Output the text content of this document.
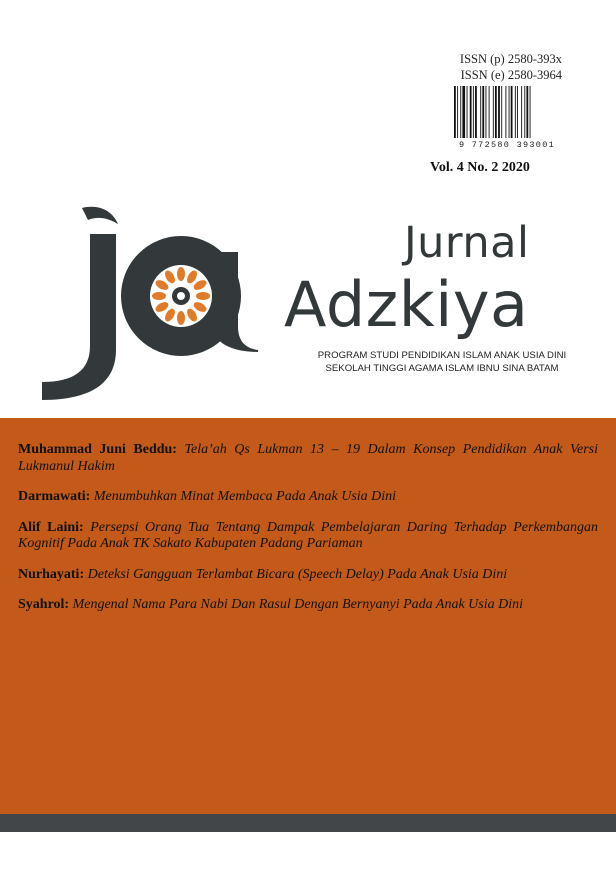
ISSN (p) 2580-393x
ISSN (e) 2580-3964
9 772580 393001
Vol. 4 No. 2 2020
Jurnal
Adzkiya
PROGRAM STUDI PENDIDIKAN ISLAM ANAK USIA DINI
SEKOLAH TINGGI AGAMA ISLAM IBNU SINA BATAM
Muhammad Juni Beddu: Tela’ah Qs Lukman 13 – 19 Dalam Konsep Pendidikan Anak Versi Lukmanul Hakim
Darmawati: Menumbuhkan Minat Membaca Pada Anak Usia Dini
Alif Laini: Persepsi Orang Tua Tentang Dampak Pembelajaran Daring Terhadap Perkembangan Kognitif Pada Anak TK Sakato Kabupaten Padang Pariaman
Nurhayati: Deteksi Gangguan Terlambat Bicara (Speech Delay) Pada Anak Usia Dini
Syahrol: Mengenal Nama Para Nabi Dan Rasul Dengan Bernyanyi Pada Anak Usia Dini
